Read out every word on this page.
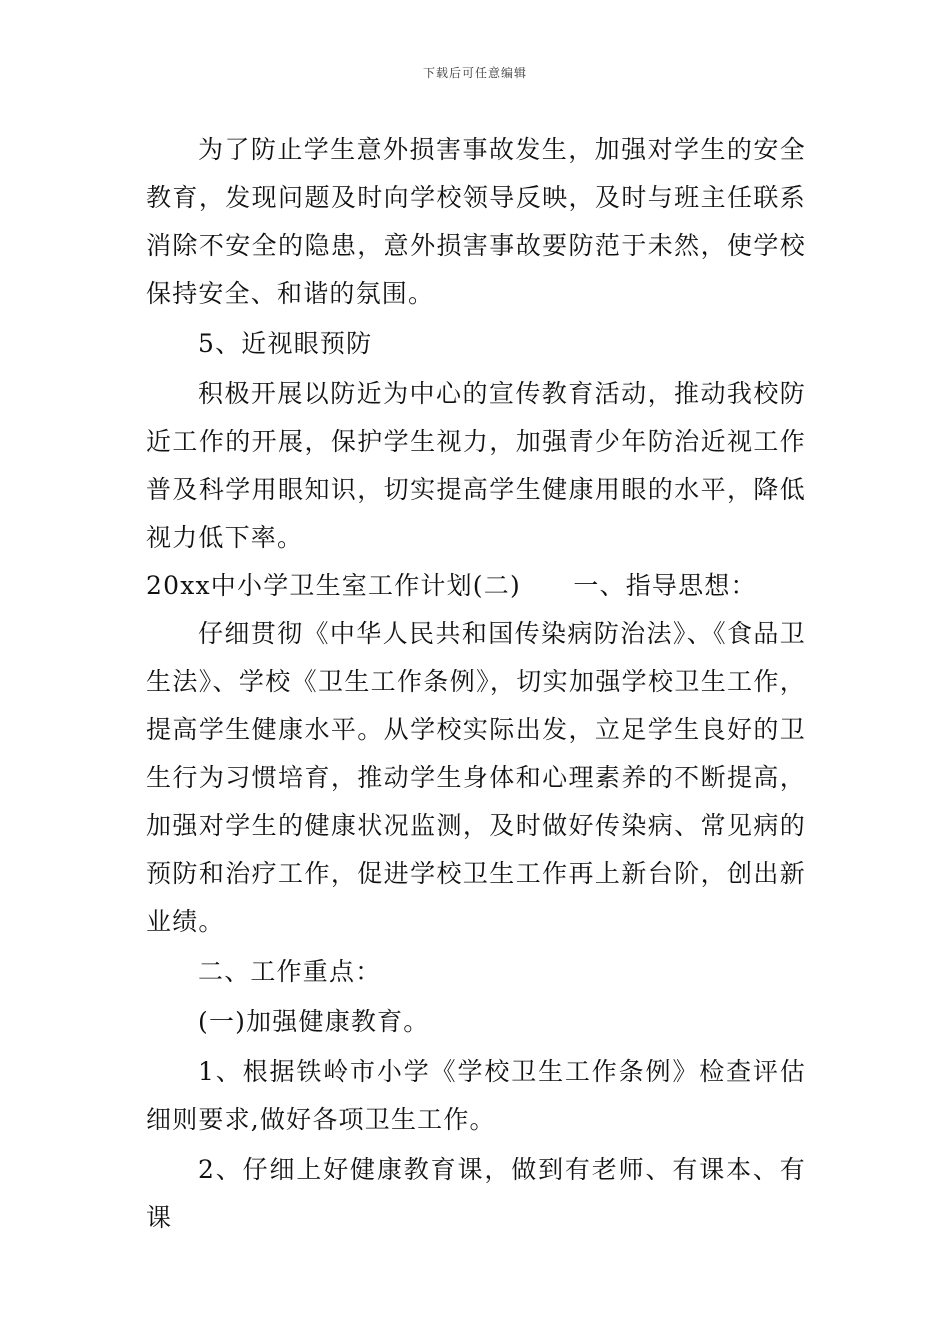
下载后可任意编辑

为了防止学生意外损害事故发生，加强对学生的安全教育，发现问题及时向学校领导反映，及时与班主任联系消除不安全的隐患，意外损害事故要防范于未然，使学校保持安全、和谐的氛围。

5、近视眼预防

积极开展以防近为中心的宣传教育活动，推动我校防近工作的开展，保护学生视力，加强青少年防治近视工作普及科学用眼知识，切实提高学生健康用眼的水平，降低视力低下率。

20xx中小学卫生室工作计划(二)　　一、指导思想：

仔细贯彻《中华人民共和国传染病防治法》、《食品卫生法》、学校《卫生工作条例》，切实加强学校卫生工作，提高学生健康水平。从学校实际出发，立足学生良好的卫生行为习惯培育，推动学生身体和心理素养的不断提高，加强对学生的健康状况监测，及时做好传染病、常见病的预防和治疗工作，促进学校卫生工作再上新台阶，创出新业绩。

二、工作重点：

(一)加强健康教育。

1、根据铁岭市小学《学校卫生工作条例》检查评估细则要求,做好各项卫生工作。

2、仔细上好健康教育课，做到有老师、有课本、有课
